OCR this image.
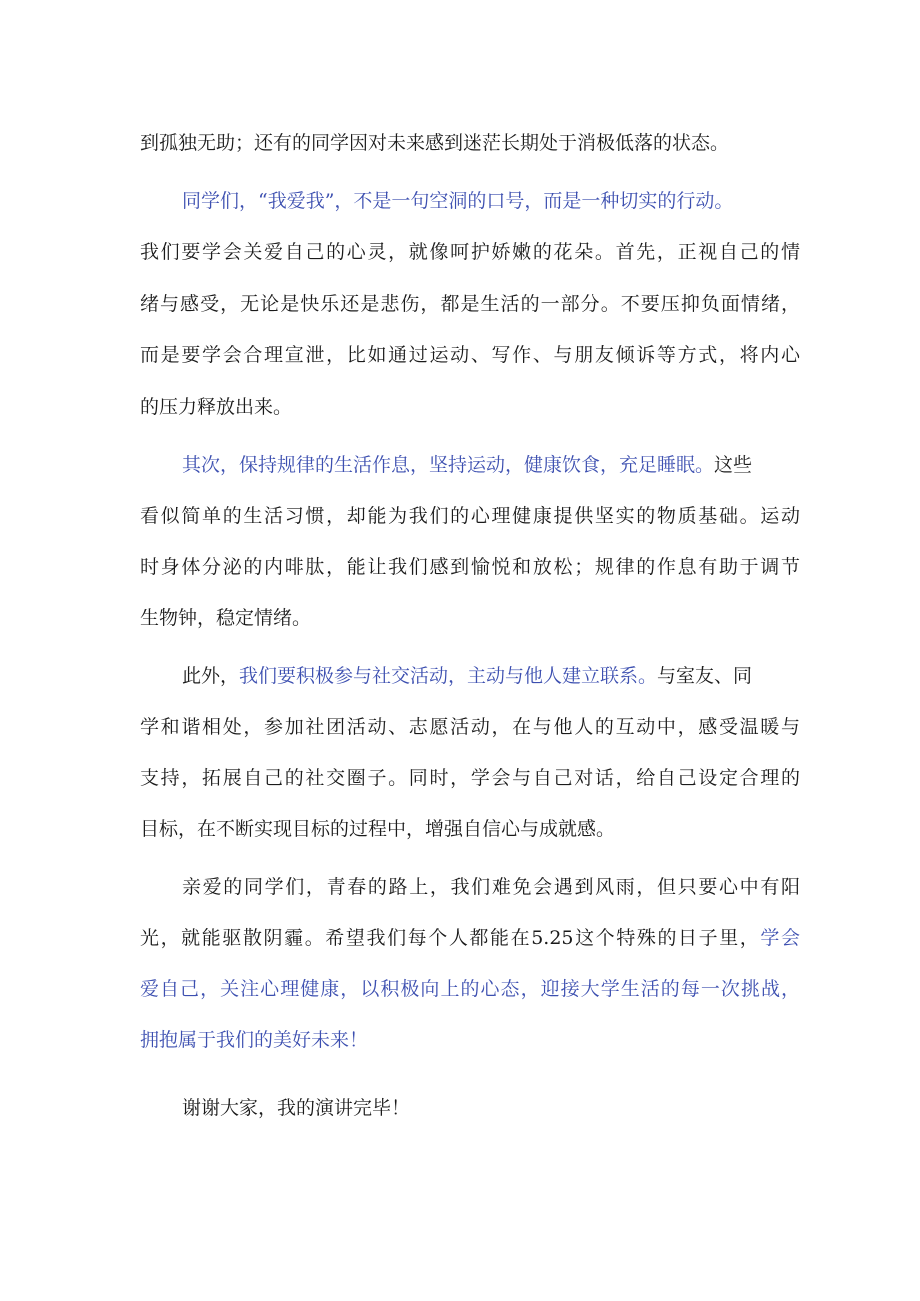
到孤独无助；还有的同学因对未来感到迷茫长期处于消极低落的状态。
同学们，“我爱我”，不是一句空洞的口号，而是一种切实的行动。
我们要学会关爱自己的心灵，就像呵护娇嫩的花朵。首先，正视自己的情
绪与感受，无论是快乐还是悲伤，都是生活的一部分。不要压抑负面情绪，
而是要学会合理宣泄，比如通过运动、写作、与朋友倾诉等方式，将内心
的压力释放出来。
其次，保持规律的生活作息，坚持运动，健康饮食，充足睡眠。这些
看似简单的生活习惯，却能为我们的心理健康提供坚实的物质基础。运动
时身体分泌的内啡肽，能让我们感到愉悦和放松；规律的作息有助于调节
生物钟，稳定情绪。
此外，我们要积极参与社交活动，主动与他人建立联系。与室友、同
学和谐相处，参加社团活动、志愿活动，在与他人的互动中，感受温暖与
支持，拓展自己的社交圈子。同时，学会与自己对话，给自己设定合理的
目标，在不断实现目标的过程中，增强自信心与成就感。
亲爱的同学们，青春的路上，我们难免会遇到风雨，但只要心中有阳
光，就能驱散阴霾。希望我们每个人都能在5.25这个特殊的日子里，学会
爱自己，关注心理健康，以积极向上的心态，迎接大学生活的每一次挑战，
拥抱属于我们的美好未来！
谢谢大家，我的演讲完毕！
